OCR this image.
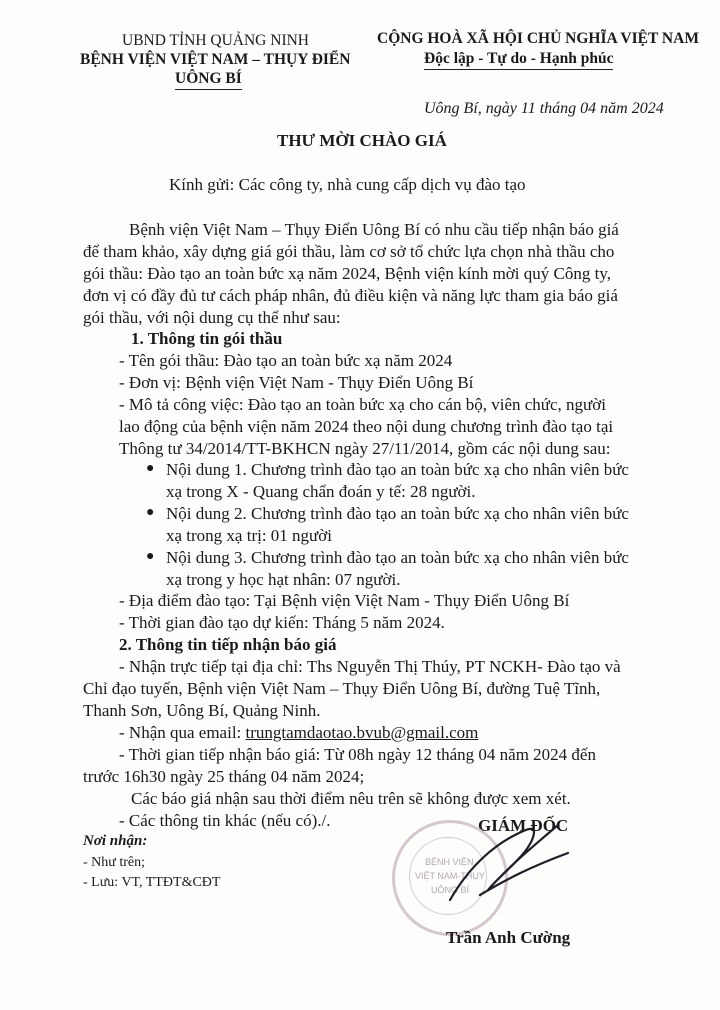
UBND TỈNH QUẢNG NINH
BỆNH VIỆN VIỆT NAM – THỤY ĐIỂN
UÔNG BÍ
CỘNG HOÀ XÃ HỘI CHỦ NGHĨA VIỆT NAM
Độc lập - Tự do - Hạnh phúc
Uông Bí, ngày 11 tháng 04 năm 2024
THƯ MỜI CHÀO GIÁ
Kính gửi: Các công ty, nhà cung cấp dịch vụ đào tạo
Bệnh viện Việt Nam – Thụy Điển Uông Bí có nhu cầu tiếp nhận báo giá
để tham khảo, xây dựng giá gói thầu, làm cơ sở tổ chức lựa chọn nhà thầu cho
gói thầu: Đào tạo an toàn bức xạ năm 2024, Bệnh viện kính mời quý Công ty,
đơn vị có đầy đủ tư cách pháp nhân, đủ điều kiện và năng lực tham gia báo giá
gói thầu, với nội dung cụ thể như sau:
1. Thông tin gói thầu
- Tên gói thầu: Đào tạo an toàn bức xạ năm 2024
- Đơn vị: Bệnh viện Việt Nam - Thụy Điển Uông Bí
- Mô tả công việc: Đào tạo an toàn bức xạ cho cán bộ, viên chức, người
lao động của bệnh viện năm 2024 theo nội dung chương trình đào tạo tại
Thông tư 34/2014/TT-BKHCN ngày 27/11/2014, gồm các nội dung sau:
● Nội dung 1. Chương trình đào tạo an toàn bức xạ cho nhân viên bức
xạ trong X - Quang chẩn đoán y tế: 28 người.
● Nội dung 2. Chương trình đào tạo an toàn bức xạ cho nhân viên bức
xạ trong xạ trị: 01 người
● Nội dung 3. Chương trình đào tạo an toàn bức xạ cho nhân viên bức
xạ trong y học hạt nhân: 07 người.
- Địa điểm đào tạo: Tại Bệnh viện Việt Nam - Thụy Điển Uông Bí
- Thời gian đào tạo dự kiến: Tháng 5 năm 2024.
2. Thông tin tiếp nhận báo giá
- Nhận trực tiếp tại địa chỉ: Ths Nguyễn Thị Thúy, PT NCKH- Đào tạo và
Chỉ đạo tuyến, Bệnh viện Việt Nam – Thụy Điển Uông Bí, đường Tuệ Tĩnh,
Thanh Sơn, Uông Bí, Quảng Ninh.
- Nhận qua email: trungtamdaotao.bvub@gmail.com
- Thời gian tiếp nhận báo giá: Từ 08h ngày 12 tháng 04 năm 2024 đến
trước 16h30 ngày 25 tháng 04 năm 2024;
Các báo giá nhận sau thời điểm nêu trên sẽ không được xem xét.
- Các thông tin khác (nếu có)./.
Nơi nhận:
- Như trên;
- Lưu: VT, TTĐT&CĐT
GIÁM ĐỐC
BỆNH VIỆN
VIỆT NAM-THỤY
UÔNG BÍ
Trần Anh Cường
